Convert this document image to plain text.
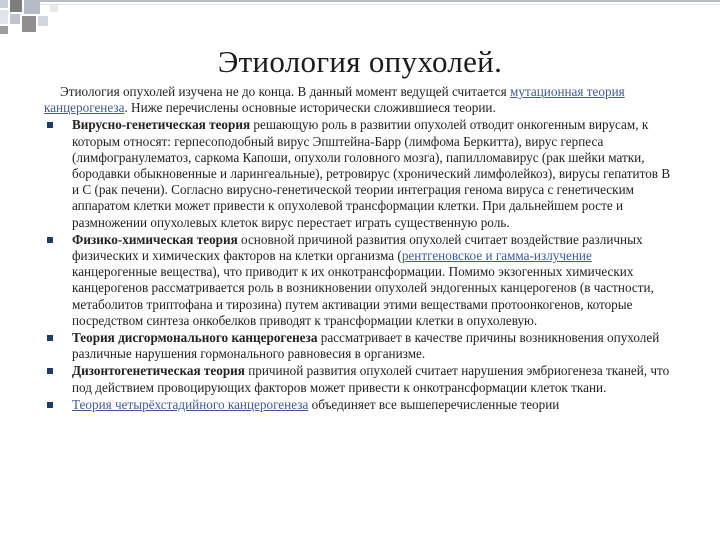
Этиология опухолей.

Этиология опухолей изучена не до конца. В данный момент ведущей считается мутационная теория канцерогенеза. Ниже перечислены основные исторически сложившиеся теории.

Вирусно-генетическая теория решающую роль в развитии опухолей отводит онкогенным вирусам, к которым относят: герпесоподобный вирус Эпштейна-Барр (лимфома Беркитта), вирус герпеса (лимфогранулематоз, саркома Капоши, опухоли головного мозга), папилломавирус (рак шейки матки, бородавки обыкновенные и ларингеальные), ретровирус (хронический лимфолейкоз), вирусы гепатитов В и С (рак печени). Согласно вирусно-генетической теории интеграция генома вируса с генетическим аппаратом клетки может привести к опухолевой трансформации клетки. При дальнейшем росте и размножении опухолевых клеток вирус перестает играть существенную роль.
Физико-химическая теория основной причиной развития опухолей считает воздействие различных физических и химических факторов на клетки организма (рентгеновское и гамма-излучение канцерогенные вещества), что приводит к их онкотрансформации. Помимо экзогенных химических канцерогенов рассматривается роль в возникновении опухолей эндогенных канцерогенов (в частности, метаболитов триптофана и тирозина) путем активации этими веществами протоонкогенов, которые посредством синтеза онкобелков приводят к трансформации клетки в опухолевую.
Теория дисгормонального канцерогенеза рассматривает в качестве причины возникновения опухолей различные нарушения гормонального равновесия в организме.
Дизонтогенетическая теория причиной развития опухолей считает нарушения эмбриогенеза тканей, что под действием провоцирующих факторов может привести к онкотрансформации клеток ткани.
Теория четырёхстадийного канцерогенеза объединяет все вышеперечисленные теории
